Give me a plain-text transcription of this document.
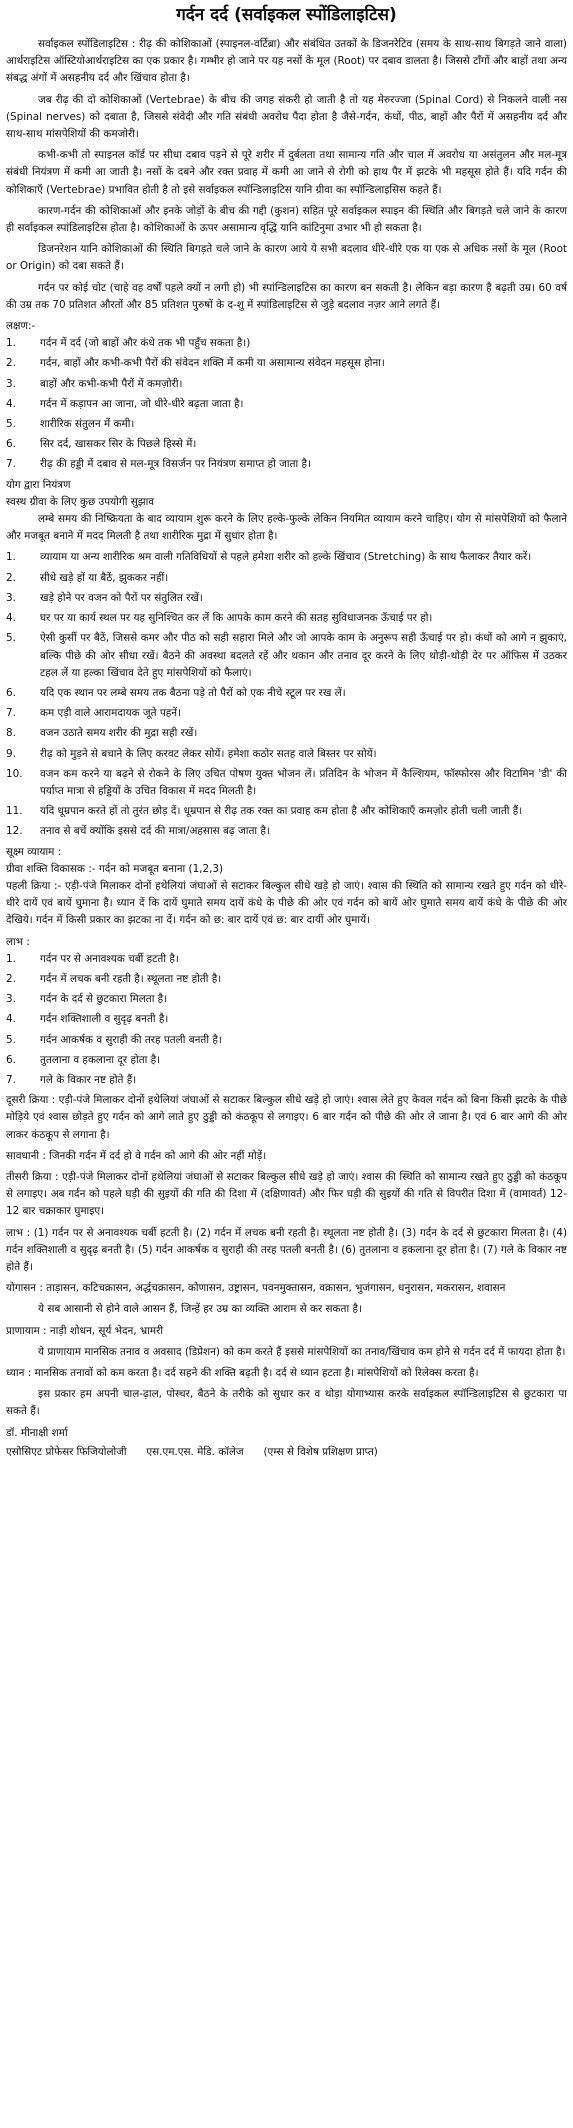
गर्दन दर्द (सर्वाइकल स्पोंडिलाइटिस)

सर्वाइकल स्पोंडिलाइटिस : रीढ़ की कोशिकाओं (स्पाइनल-वर्टिब्रा) और संबंधित उतकों के डिजनरेटिव (समय के साथ-साथ बिगड़ते जाने वाला) आर्थराइटिस ऑस्टियोआर्थराइटिस का एक प्रकार है। गम्भीर हो जाने पर यह नसों के मूल (Root) पर दबाव डालता है। जिससे टाँगों और बाहों तथा अन्य संबद्ध अंगों में असहनीय दर्द और खिंचाव होता है।

जब रीढ़ की दो कोशिकाओं (Vertebrae) के बीच की जगह संकरी हो जाती है तो यह मेरुरज्जा (Spinal Cord) से निकलने वाली नस (Spinal nerves) को दबाता है, जिससे संवेदी और गति संबंधी अवरोध पैदा होता है जैसे-गर्दन, कंधों, पीठ, बाहों और पैरों में असहनीय दर्द और साथ-साथ मांसपेशियों की कमजोरी।

कभी-कभी तो स्पाइनल कॉर्ड पर सीधा दबाव पड़ने से पूरे शरीर में दुर्बलता तथा सामान्य गति और चाल में अवरोध या असंतुलन और मल-मूत्र संबंधी नियंत्रण में कमी आ जाती है। नसों के दबने और रक्त प्रवाह में कमी आ जाने से रोगी को हाथ पैर में झटके भी महसूस होते हैं। यदि गर्दन की कोशिकाएँ (Vertebrae) प्रभावित होती है तो इसे सर्वाइकल स्पॉन्डिलाइटिस यानि ग्रीवा का स्पॉन्डिलाइसिस कहते हैं।

कारण-गर्दन की कोशिकाओं और इनके जोड़ों के बीच की गद्दी (कुशन) सहित पूरे सर्वाइकल स्पाइन की स्थिति और बिगड़ते चले जाने के कारण ही सर्वाइकल स्पांडिलाइटिस होता है। कोशिकाओं के ऊपर असामान्य वृद्धि यानि कांटिनुमा उभार भी हो सकता है।

डिजनरेशन यानि कोशिकाओं की स्थिति बिगड़ते चले जाने के कारण आये ये सभी बदलाव धीरे-धीरे एक या एक से अधिक नसों के मूल (Root or Origin) को दबा सकते हैं।

गर्दन पर कोई चोट (चाहे वह वर्षों पहले क्यों न लगी हो) भी स्पांन्डिलाइटिस का कारण बन सकती है। लेकिन बड़ा कारण है बढ़ती उम्र। 60 वर्ष की उम्र तक 70 प्रतिशत औरतों और 85 प्रतिशत पुरुषों के द-शु में स्पांडिलाइटिस से जुड़े बदलाव नज़र आने लगते हैं।

लक्षण:-
1.	गर्दन में दर्द (जो बाहों और कंधे तक भी पहुँच सकता है।)
2.	गर्दन, बाहों और कभी-कभी पैरों की संवेदन शक्ति में कमी या असामान्य संवेदन महसूस होना।
3.	बाहों और कभी-कभी पैरों में कमज़ोरी।
4.	गर्दन में कड़ापन आ जाना, जो धीरे-धीरे बढ़ता जाता है।
5.	शारीरिक संतुलन में कमी।
6.	सिर दर्द, खासकर सिर के पिछले हिस्से में।
7.	रीढ़ की हड्डी में दबाव से मल-मूत्र विसर्जन पर नियंत्रण समाप्त हो जाता है।
योग द्वारा नियंत्रण
स्वस्थ ग्रीवा के लिए कुछ उपयोगी सुझाव

लम्बे समय की निष्क्रियता के बाद व्यायाम शुरू करने के लिए हल्के-फुल्के लेकिन नियमित व्यायाम करने चाहिए। योग से मांसपेशियों को फैलाने और मजबूत बनाने में मदद मिलती है तथा शारीरिक मुद्रा में सुधार होता है।

1.	व्यायाम या अन्य शारीरिक श्रम वाली गतिविधियों से पहले हमेशा शरीर को हल्के खिंचाव (Stretching) के साथ फैलाकर तैयार करें।
2.	सीधे खड़े हों या बैठें, झुककर नहीं।
3.	खड़े होने पर वजन को पैरों पर संतुलित रखें।
4.	घर पर या कार्य स्थल पर यह सुनिश्चित कर लें कि आपके काम करने की सतह सुविधाजनक ऊँचाई पर हो।
5.	ऐसी कुर्सी पर बैठें, जिससे कमर और पीठ को सही सहारा मिले और जो आपके काम के अनुरूप सही ऊँचाई पर हो। कंधों को आगे न झुकाएं, बल्कि पीछे की ओर सीधा रखें। बैठने की अवस्था बदलते रहें और थकान और तनाव दूर करने के लिए थोड़ी-थोड़ी देर पर ऑफिस में उठकर टहल लें या हल्का खिंचाव देते हुए मांसपेशियों को फैलाएं।
6.	यदि एक स्थान पर लम्बे समय तक बैठना पड़े तो पैरों को एक नीचे स्टूल पर रख लें।
7.	कम एड़ी वाले आरामदायक जूते पहनें।
8.	वजन उठाते समय शरीर की मुद्रा सही रखें।
9.	रीढ़ को मुड़ने से बचाने के लिए करवट लेकर सोयें। हमेशा कठोर सतह वाले बिस्तर पर सोयें।
10.	वजन कम करने या बढ़ने से रोकने के लिए उचित पोषण युक्त भोजन लें। प्रतिदिन के भोजन में कैल्शियम, फॉस्फोरस और विटामिन 'डी' की पर्याप्त मात्रा से हड्डियों के उचित विकास में मदद मिलती है।
11.	यदि धूम्रपान करते हों तो तुरंत छोड़ दें। धूम्रपान से रीढ़ तक रक्त का प्रवाह कम होता है और कोशिकाएँ कमज़ोर होती चली जाती हैं।
12.	तनाव से बचें क्योंकि इससे दर्द की मात्रा/अहसास बढ़ जाता है।
सूक्ष्म व्यायाम :
ग्रीवा शक्ति विकासक :- गर्दन को मजबूत बनाना (1,2,3)

पहली क्रिया :- एड़ी-पंजे मिलाकर दोनों हथेलियां जंघाओं से सटाकर बिल्कुल सीधे खड़े हो जाएं। श्वास की स्थिति को सामान्य रखते हुए गर्दन को धीरे-धीरे दायें एवं बायें घुमाना है। ध्यान दें कि दायें घुमाते समय दायें कंधे के पीछे की ओर एवं गर्दन को बायें ओर घुमाते समय बायें कंधे के पीछे की ओर देखिये। गर्दन में किसी प्रकार का झटका ना दें। गर्दन को छ: बार दायें एवं छ: बार दायीं ओर घुमायें।

लाभ :
1.	गर्दन पर से अनावश्यक चर्बी हटती है।
2.	गर्दन में लचक बनी रहती है। स्थूलता नष्ट होती है।
3.	गर्दन के दर्द से छुटकारा मिलता है।
4.	गर्दन शक्तिशाली व सुदृढ़ बनती है।
5.	गर्दन आकर्षक व सुराही की तरह पतली बनती है।
6.	तुतलाना व हकलाना दूर होता है।
7.	गले के विकार नष्ट होते हैं।

दूसरी क्रिया : एड़ी-पंजे मिलाकर दोनों हथेलियां जंघाओं से सटाकर बिल्कुल सीधे खड़े हो जाएं। श्वास लेते हुए केवल गर्दन को बिना किसी झटके के पीछे मोड़िये एवं श्वास छोड़ते हुए गर्दन को आगे लाते हुए ठुड्डी को कंठकूप से लगाइए। 6 बार गर्दन को पीछे की ओर ले जाना है। एवं 6 बार आगे की ओर लाकर कंठकूप से लगाना है।

सावधानी : जिनकी गर्दन में दर्द हो वे गर्दन को आगे की ओर नहीं मोड़ें।

तीसरी क्रिया : एड़ी-पंजे मिलाकर दोनों हथेलियां जंघाओं से सटाकर बिल्कुल सीधे खड़े हो जाएं। श्वास की स्थिति को सामान्य रखते हुए ठुड्डी को कंठकूप से लगाइए। अब गर्दन को पहले घड़ी की सुइयों की गति की दिशा में (दक्षिणावर्त) और फिर घड़ी की सुइयों की गति से विपरीत दिशा में (वामावर्त) 12-12 बार चक्राकार घुमाइए।

लाभ : (1) गर्दन पर से अनावश्यक चर्बी हटती है। (2) गर्दन में लचक बनी रहती है। स्थूलता नष्ट होती है। (3) गर्दन के दर्द से छुटकारा मिलता है। (4) गर्दन शक्तिशाली व सुदृढ़ बनती है। (5) गर्दन आकर्षक व सुराही की तरह पतली बनती है। (6) तुतलाना व हकलाना दूर होता है। (7) गले के विकार नष्ट होते हैं।

योगासन : ताड़ासन, कटिचक्रासन, अर्द्धचक्रासन, कोणासन, उष्ट्रासन, पवनमुक्तासन, वक्रासन, भुजंगासन, धनुरासन, मकरासन, शवासन

ये सब आसानी से होने वाले आसन हैं, जिन्हें हर उम्र का व्यक्ति आराम से कर सकता है।

प्राणायाम : नाड़ी शोधन, सूर्य भेदन, भ्रामरी

ये प्राणायाम मानसिक तनाव व अवसाद (डिप्रेशन) को कम करते हैं इससे मांसपेशियों का तनाव/खिंचाव कम होने से गर्दन दर्द में फायदा होता है।

ध्यान : मानसिक तनावों को कम करता है। दर्द सहने की शक्ति बढ़ती है। दर्द से ध्यान हटता है। मांसपेशियों को रिलेक्स करता है।

इस प्रकार हम अपनी चाल-ढ़ाल, पोस्चर, बैठने के तरीके को सुधार कर व थोड़ा योगाभ्यास करके सर्वाइकल स्पॉन्डिलाइटिस से छुटकारा पा सकते हैं।

डॉ. मीनाक्षी शर्मा
एसोसिएट प्रोफेसर फिजियोलोजी      एस.एम.एस. मेडि. कॉलेज      (एम्स से विशेष प्रशिक्षण प्राप्त)
